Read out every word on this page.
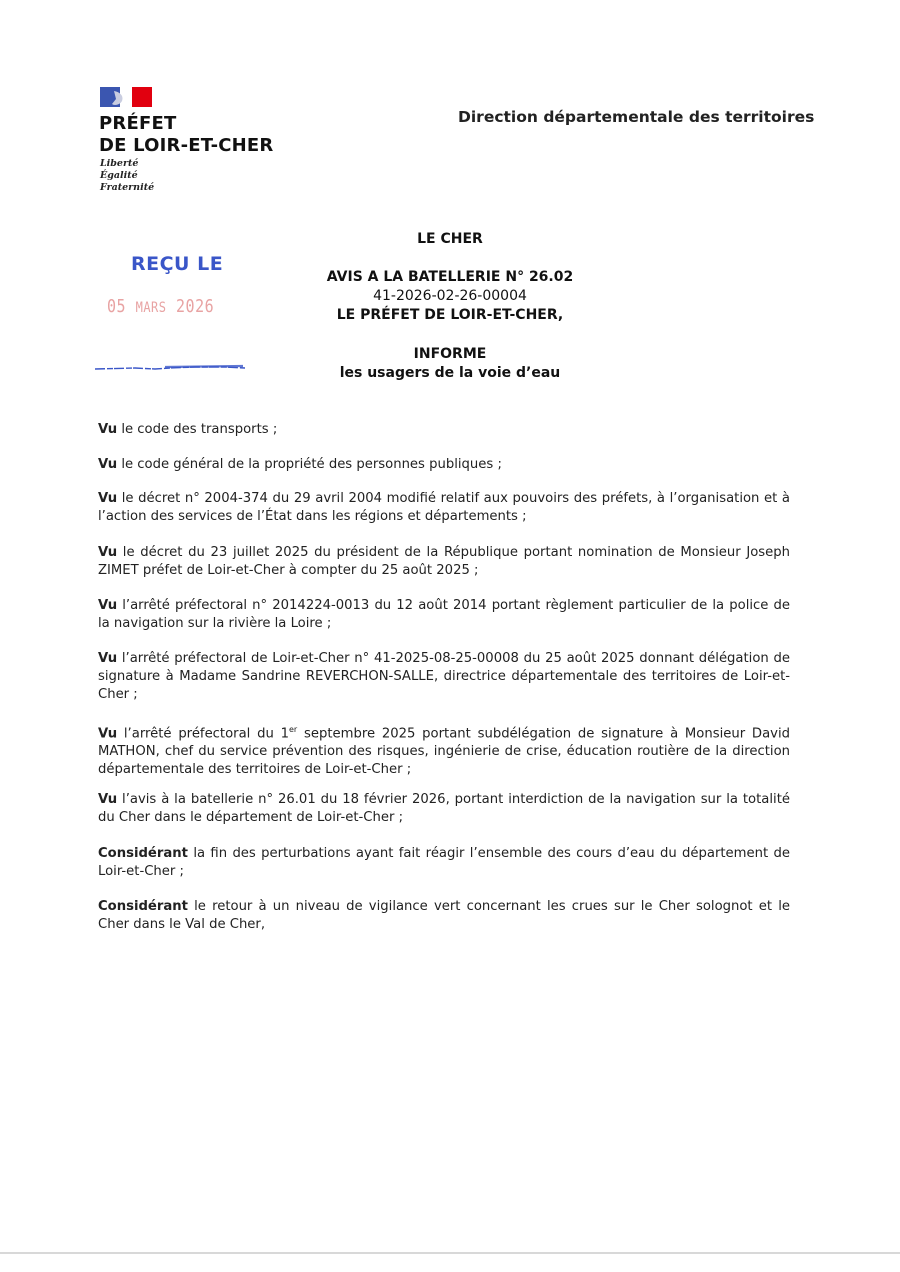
PRÉFET
DE LOIR-ET-CHER
Liberté
Égalité
Fraternité
Direction départementale des territoires
LE CHER
AVIS A LA BATELLERIE N° 26.02
41-2026-02-26-00004
LE PRÉFET DE LOIR-ET-CHER,
INFORME
les usagers de la voie d’eau
REÇU LE
05 MARS 2026

Vu le code des transports ;

Vu le code général de la propriété des personnes publiques ;

Vu le décret n° 2004-374 du 29 avril 2004 modifié relatif aux pouvoirs des préfets, à l’organisation et à l’action des services de l’État dans les régions et départements ;

Vu le décret du 23 juillet 2025 du président de la République portant nomination de Monsieur Joseph ZIMET préfet de Loir-et-Cher à compter du 25 août 2025 ;

Vu l’arrêté préfectoral n° 2014224-0013 du 12 août 2014 portant règlement particulier de la police de la navigation sur la rivière la Loire ;

Vu l’arrêté préfectoral de Loir-et-Cher n° 41-2025-08-25-00008 du 25 août 2025 donnant délégation de signature à Madame Sandrine REVERCHON-SALLE, directrice départementale des territoires de Loir-et-Cher ;

Vu l’arrêté préfectoral du 1er septembre 2025 portant subdélégation de signature à Monsieur David MATHON, chef du service prévention des risques, ingénierie de crise, éducation routière de la direction départementale des territoires de Loir-et-Cher ;

Vu l’avis à la batellerie n° 26.01 du 18 février 2026, portant interdiction de la navigation sur la totalité du Cher dans le département de Loir-et-Cher ;

Considérant la fin des perturbations ayant fait réagir l’ensemble des cours d’eau du département de Loir-et-Cher ;

Considérant le retour à un niveau de vigilance vert concernant les crues sur le Cher solognot et le Cher dans le Val de Cher,
